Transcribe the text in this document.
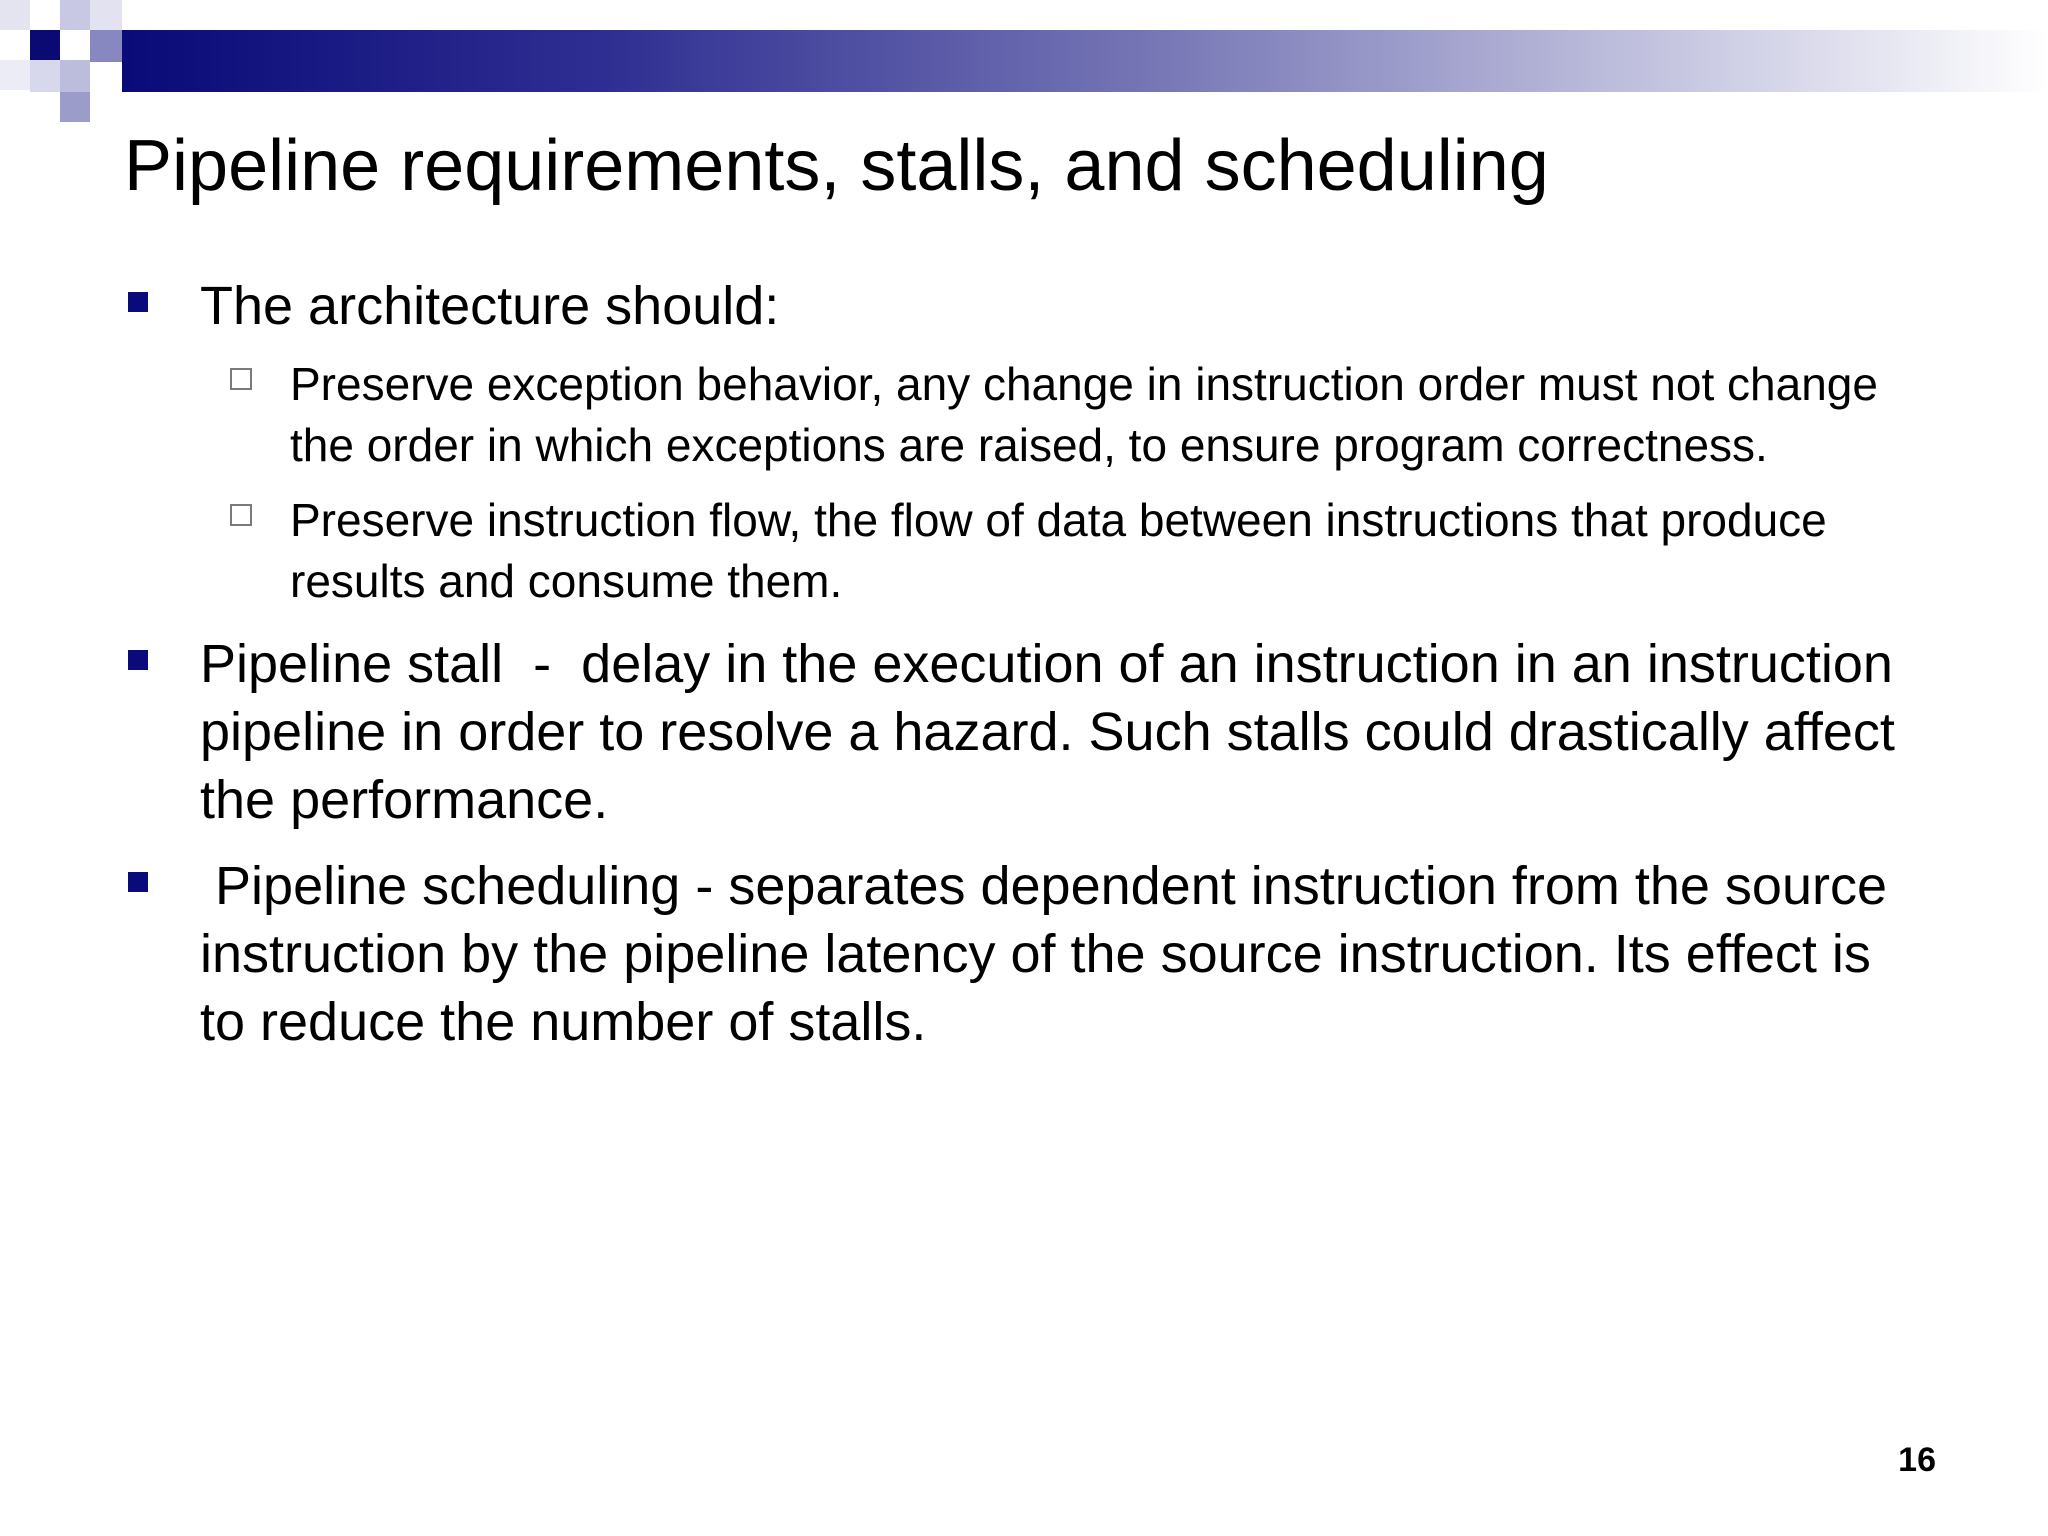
Pipeline requirements, stalls, and scheduling
The architecture should:
Preserve exception behavior, any change in instruction order must not change the order in which exceptions are raised, to ensure program correctness.
Preserve instruction flow, the flow of data between instructions that produce results and consume them.
Pipeline stall  -  delay in the execution of an instruction in an instruction pipeline in order to resolve a hazard. Such stalls could drastically affect the performance.
Pipeline scheduling - separates dependent instruction from the source instruction by the pipeline latency of the source instruction. Its effect is to reduce the number of stalls.
16
